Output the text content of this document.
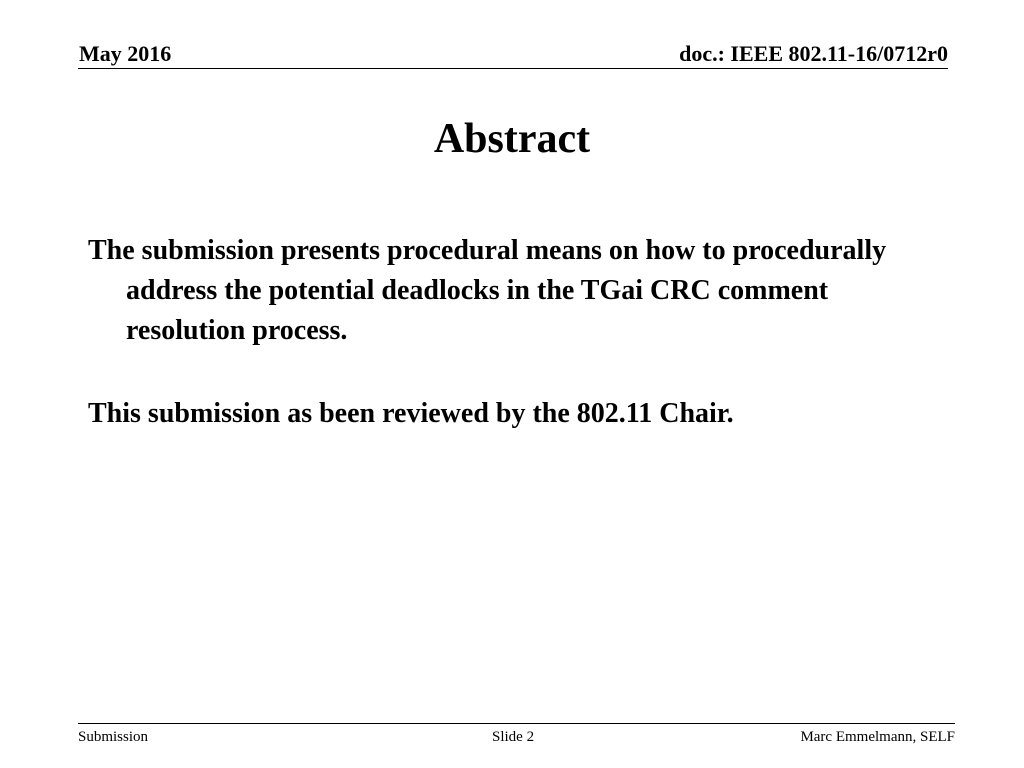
May 2016	doc.: IEEE 802.11-16/0712r0
Abstract

The submission presents procedural means on how to procedurally address the potential deadlocks in the TGai CRC comment resolution process.

This submission as been reviewed by the 802.11 Chair.

Submission	Slide 2	Marc Emmelmann, SELF
